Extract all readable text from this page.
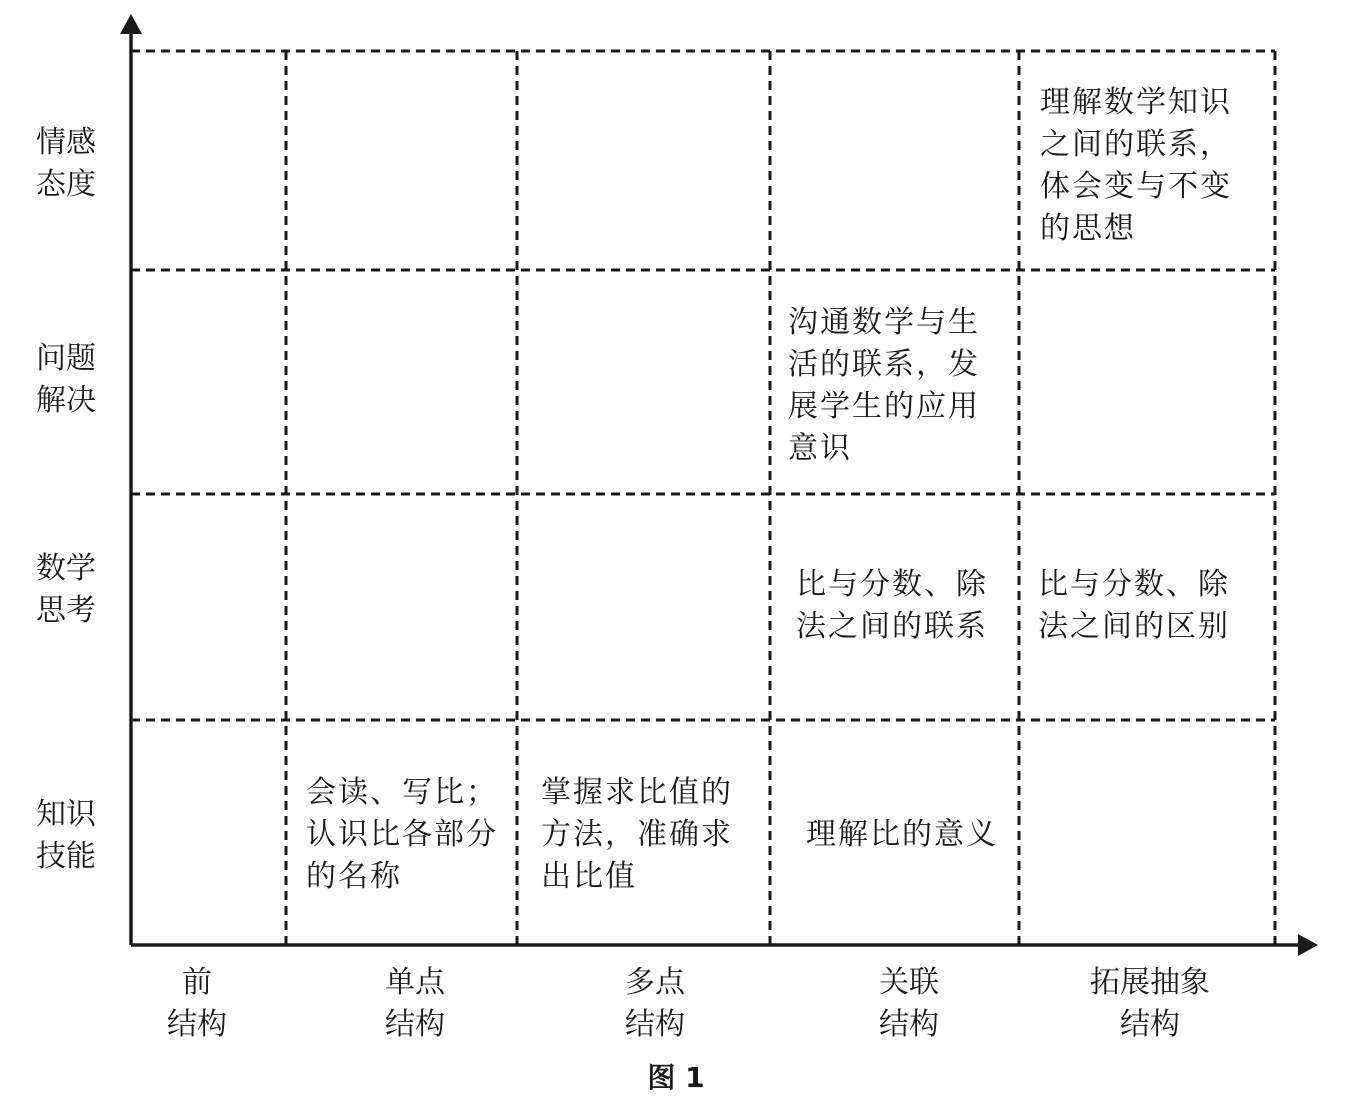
情感
态度
问题
解决
数学
思考
知识
技能
前
结构
单点
结构
多点
结构
关联
结构
拓展抽象
结构
理解数学知识之间的联系，体会变与不变的思想
沟通数学与生活的联系，发展学生的应用意识
比与分数、除法之间的联系
比与分数、除法之间的区别
会读、写比；认识比各部分的名称
掌握求比值的方法，准确求出比值
理解比的意义
图 1
